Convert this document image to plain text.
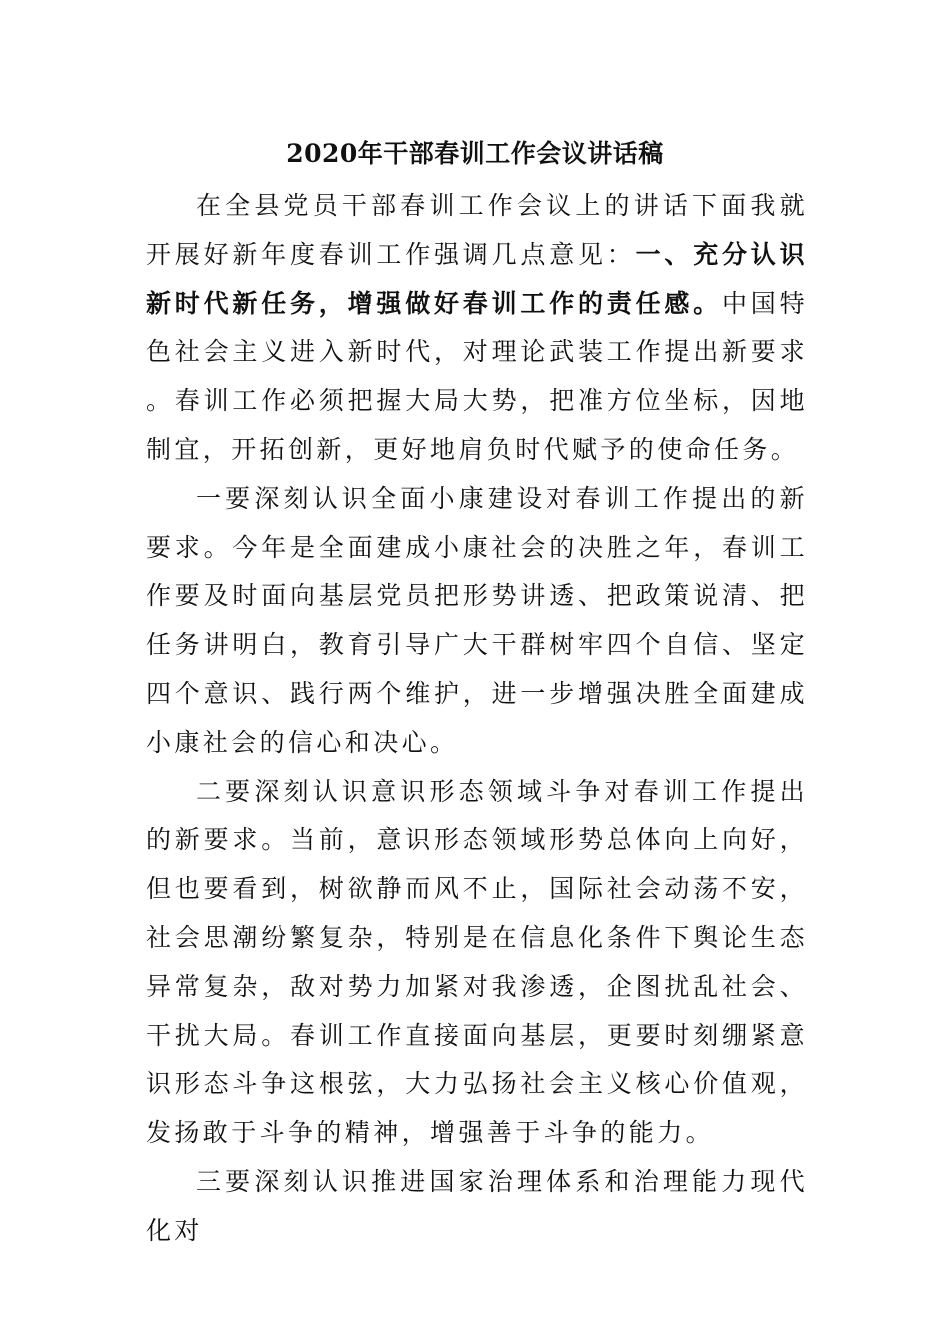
2020年干部春训工作会议讲话稿

在全县党员干部春训工作会议上的讲话下面我就开展好新年度春训工作强调几点意见：一、充分认识新时代新任务，增强做好春训工作的责任感。中国特色社会主义进入新时代，对理论武装工作提出新要求。春训工作必须把握大局大势，把准方位坐标，因地制宜，开拓创新，更好地肩负时代赋予的使命任务。

一要深刻认识全面小康建设对春训工作提出的新要求。今年是全面建成小康社会的决胜之年，春训工作要及时面向基层党员把形势讲透、把政策说清、把任务讲明白，教育引导广大干群树牢四个自信、坚定四个意识、践行两个维护，进一步增强决胜全面建成小康社会的信心和决心。

二要深刻认识意识形态领域斗争对春训工作提出的新要求。当前，意识形态领域形势总体向上向好，但也要看到，树欲静而风不止，国际社会动荡不安，社会思潮纷繁复杂，特别是在信息化条件下舆论生态异常复杂，敌对势力加紧对我渗透，企图扰乱社会、干扰大局。春训工作直接面向基层，更要时刻绷紧意识形态斗争这根弦，大力弘扬社会主义核心价值观，发扬敢于斗争的精神，增强善于斗争的能力。

三要深刻认识推进国家治理体系和治理能力现代化对
